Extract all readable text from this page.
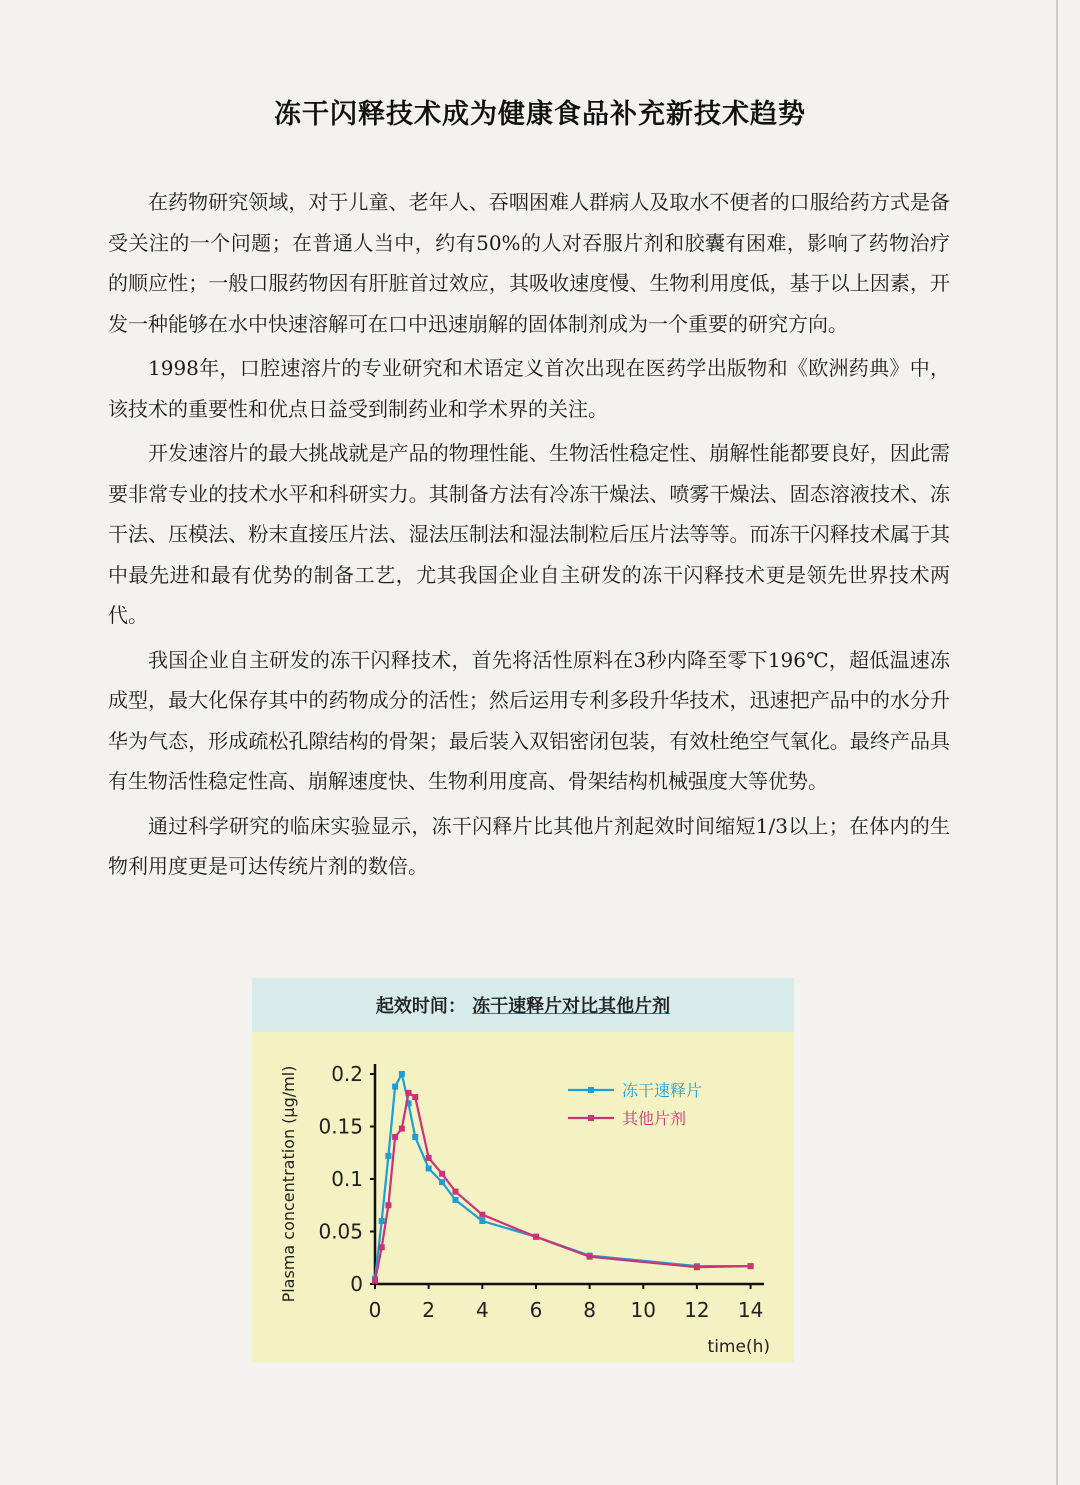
冻干闪释技术成为健康食品补充新技术趋势

在药物研究领域，对于儿童、老年人、吞咽困难人群病人及取水不便者的口服给药方式是备受关注的一个问题；在普通人当中，约有50%的人对吞服片剂和胶囊有困难，影响了药物治疗的顺应性；一般口服药物因有肝脏首过效应，其吸收速度慢、生物利用度低，基于以上因素，开发一种能够在水中快速溶解可在口中迅速崩解的固体制剂成为一个重要的研究方向。

1998年，口腔速溶片的专业研究和术语定义首次出现在医药学出版物和《欧洲药典》中，该技术的重要性和优点日益受到制药业和学术界的关注。

开发速溶片的最大挑战就是产品的物理性能、生物活性稳定性、崩解性能都要良好，因此需要非常专业的技术水平和科研实力。其制备方法有冷冻干燥法、喷雾干燥法、固态溶液技术、冻干法、压模法、粉末直接压片法、湿法压制法和湿法制粒后压片法等等。而冻干闪释技术属于其中最先进和最有优势的制备工艺，尤其我国企业自主研发的冻干闪释技术更是领先世界技术两代。

我国企业自主研发的冻干闪释技术，首先将活性原料在3秒内降至零下196℃，超低温速冻成型，最大化保存其中的药物成分的活性；然后运用专利多段升华技术，迅速把产品中的水分升华为气态，形成疏松孔隙结构的骨架；最后装入双铝密闭包装，有效杜绝空气氧化。最终产品具有生物活性稳定性高、崩解速度快、生物利用度高、骨架结构机械强度大等优势。

通过科学研究的临床实验显示，冻干闪释片比其他片剂起效时间缩短1/3以上；在体内的生物利用度更是可达传统片剂的数倍。

起效时间： 冻干速释片对比其他片剂
0
0.05
0.1
0.15
0.2
0 2 4 6 8 10 12 14
time(h)
Plasma concentration (μg/ml)	冻干速释片
其他片剂
